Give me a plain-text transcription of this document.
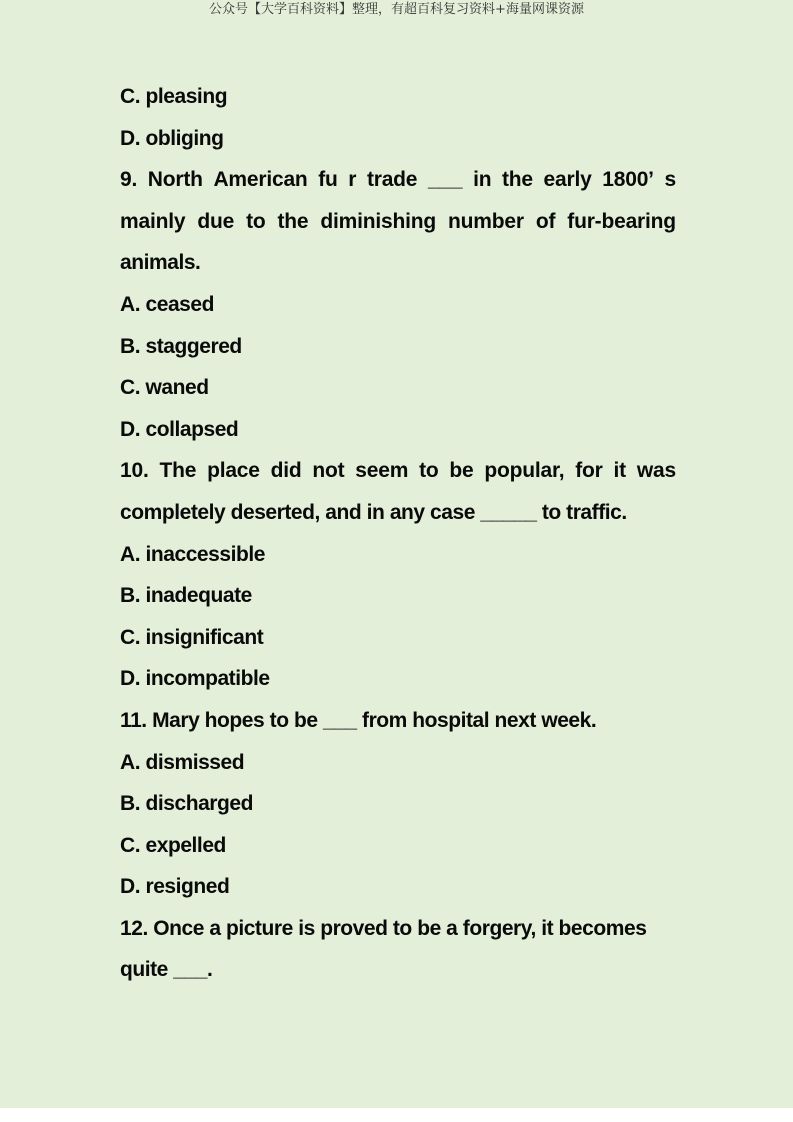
公众号【大学百科资料】整理，有超百科复习资料+海量网课资源
C. pleasing
D. obliging
9. North American fu r trade ___ in the early 1800’ s
mainly due to the diminishing number of fur-bearing
animals.
A. ceased
B. staggered
C. waned
D. collapsed
10. The place did not seem to be popular, for it was
completely deserted, and in any case _____ to traffic.
A. inaccessible
B. inadequate
C. insignificant
D. incompatible
11. Mary hopes to be ___ from hospital next week.
A. dismissed
B. discharged
C. expelled
D. resigned
12. Once a picture is proved to be a forgery, it becomes
quite ___.
